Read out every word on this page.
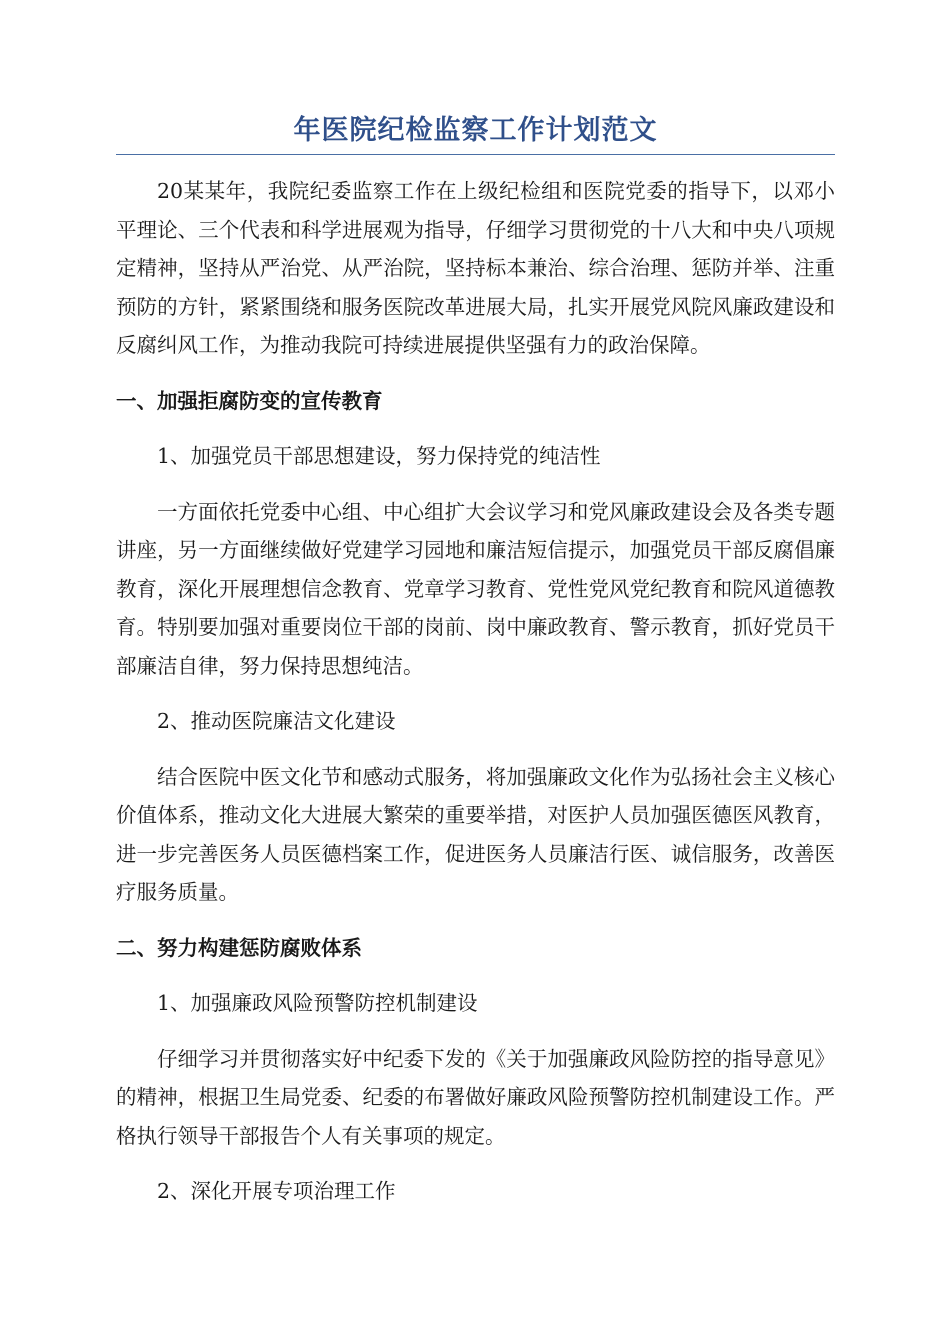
年医院纪检监察工作计划范文

20某某年，我院纪委监察工作在上级纪检组和医院党委的指导下，以邓小平理论、三个代表和科学进展观为指导，仔细学习贯彻党的十八大和中央八项规定精神，坚持从严治党、从严治院，坚持标本兼治、综合治理、惩防并举、注重预防的方针，紧紧围绕和服务医院改革进展大局，扎实开展党风院风廉政建设和反腐纠风工作，为推动我院可持续进展提供坚强有力的政治保障。

一、加强拒腐防变的宣传教育

1、加强党员干部思想建设，努力保持党的纯洁性

一方面依托党委中心组、中心组扩大会议学习和党风廉政建设会及各类专题讲座，另一方面继续做好党建学习园地和廉洁短信提示，加强党员干部反腐倡廉教育，深化开展理想信念教育、党章学习教育、党性党风党纪教育和院风道德教育。特别要加强对重要岗位干部的岗前、岗中廉政教育、警示教育，抓好党员干部廉洁自律，努力保持思想纯洁。

2、推动医院廉洁文化建设

结合医院中医文化节和感动式服务，将加强廉政文化作为弘扬社会主义核心价值体系，推动文化大进展大繁荣的重要举措，对医护人员加强医德医风教育，进一步完善医务人员医德档案工作，促进医务人员廉洁行医、诚信服务，改善医疗服务质量。

二、努力构建惩防腐败体系

1、加强廉政风险预警防控机制建设

仔细学习并贯彻落实好中纪委下发的《关于加强廉政风险防控的指导意见》的精神，根据卫生局党委、纪委的布署做好廉政风险预警防控机制建设工作。严格执行领导干部报告个人有关事项的规定。

2、深化开展专项治理工作
